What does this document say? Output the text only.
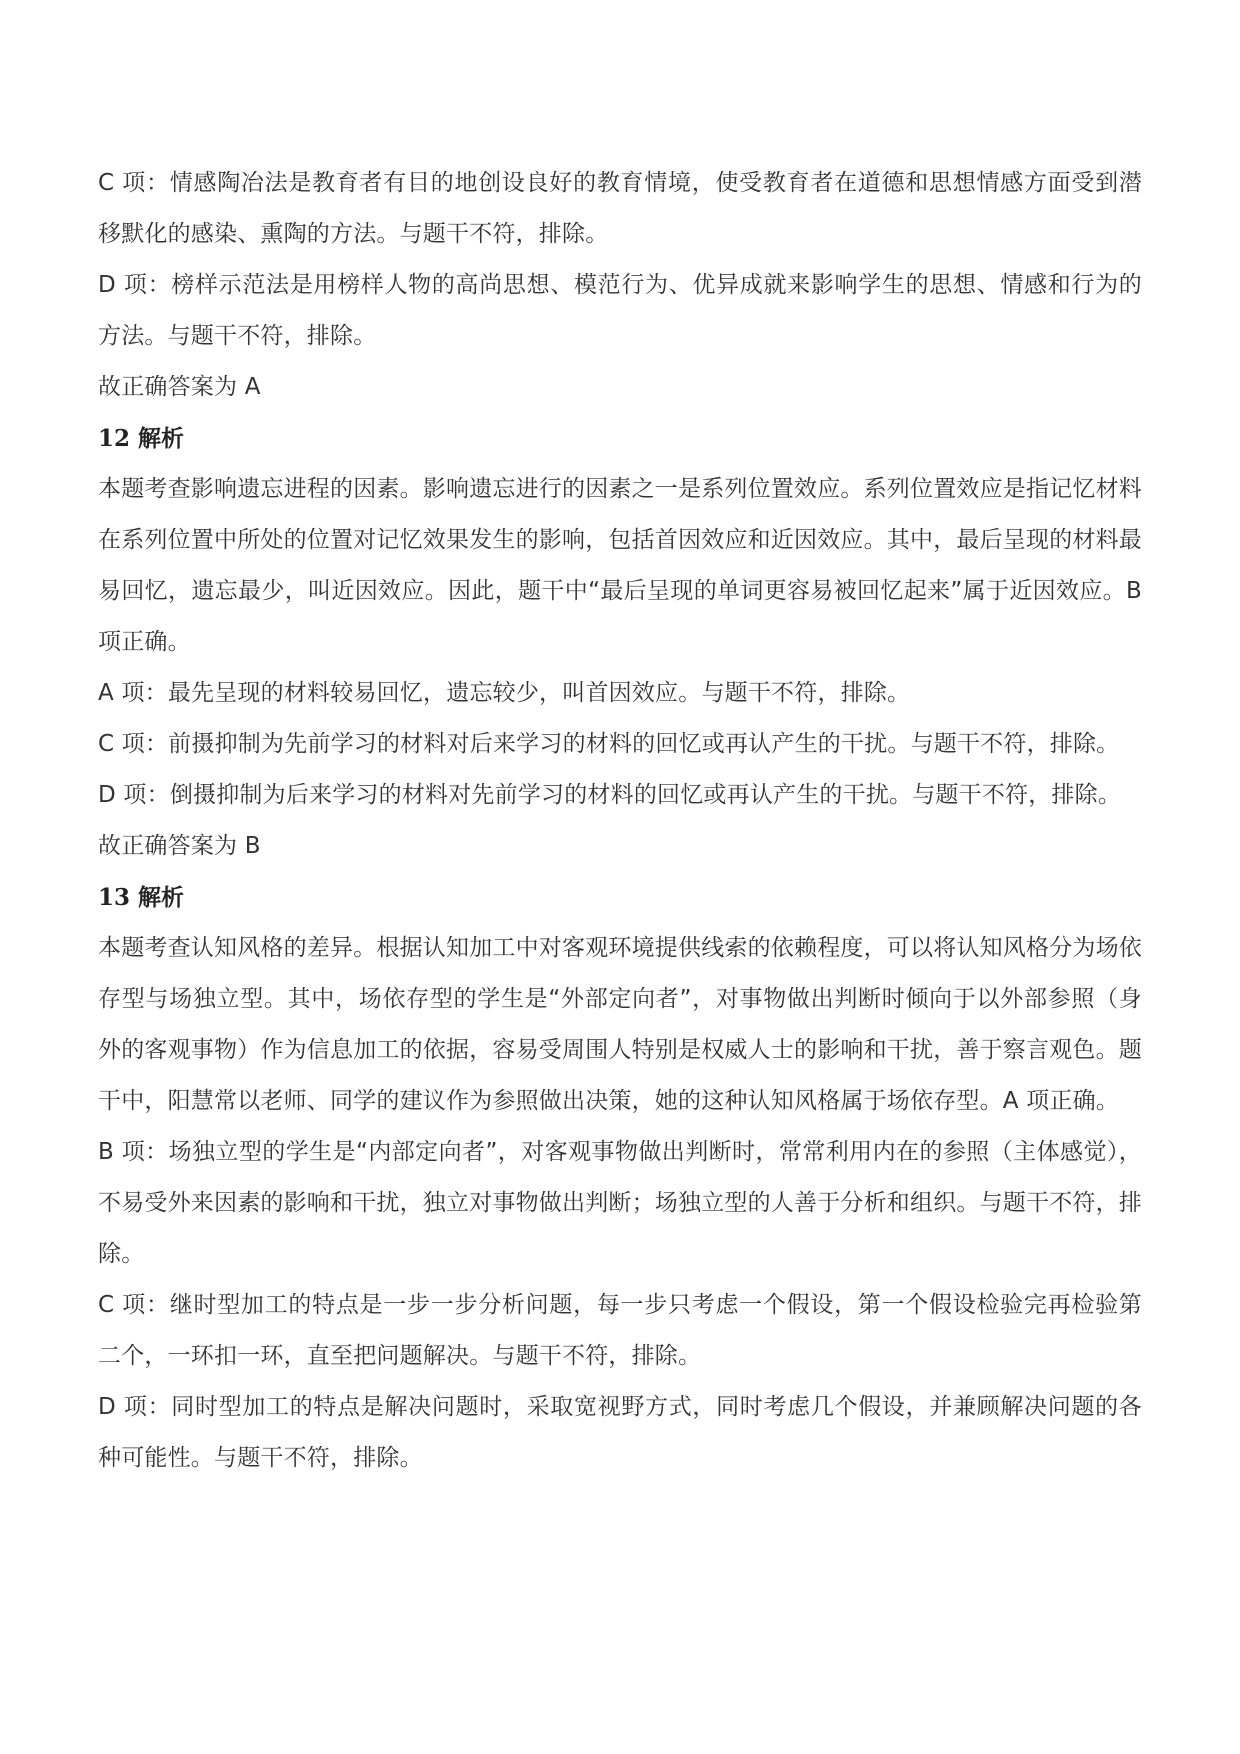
C 项：情感陶冶法是教育者有目的地创设良好的教育情境，使受教育者在道德和思想情感方面受到潜移默化的感染、熏陶的方法。与题干不符，排除。

D 项：榜样示范法是用榜样人物的高尚思想、模范行为、优异成就来影响学生的思想、情感和行为的方法。与题干不符，排除。

故正确答案为 A

12 解析

本题考查影响遗忘进程的因素。影响遗忘进行的因素之一是系列位置效应。系列位置效应是指记忆材料在系列位置中所处的位置对记忆效果发生的影响，包括首因效应和近因效应。其中，最后呈现的材料最易回忆，遗忘最少，叫近因效应。因此，题干中“最后呈现的单词更容易被回忆起来”属于近因效应。B 项正确。

A 项：最先呈现的材料较易回忆，遗忘较少，叫首因效应。与题干不符，排除。

C 项：前摄抑制为先前学习的材料对后来学习的材料的回忆或再认产生的干扰。与题干不符，排除。

D 项：倒摄抑制为后来学习的材料对先前学习的材料的回忆或再认产生的干扰。与题干不符，排除。

故正确答案为 B

13 解析

本题考查认知风格的差异。根据认知加工中对客观环境提供线索的依赖程度，可以将认知风格分为场依存型与场独立型。其中，场依存型的学生是“外部定向者”，对事物做出判断时倾向于以外部参照（身外的客观事物）作为信息加工的依据，容易受周围人特别是权威人士的影响和干扰，善于察言观色。题干中，阳慧常以老师、同学的建议作为参照做出决策，她的这种认知风格属于场依存型。A 项正确。

B 项：场独立型的学生是“内部定向者”，对客观事物做出判断时，常常利用内在的参照（主体感觉），不易受外来因素的影响和干扰，独立对事物做出判断；场独立型的人善于分析和组织。与题干不符，排除。

C 项：继时型加工的特点是一步一步分析问题，每一步只考虑一个假设，第一个假设检验完再检验第二个，一环扣一环，直至把问题解决。与题干不符，排除。

D 项：同时型加工的特点是解决问题时，采取宽视野方式，同时考虑几个假设，并兼顾解决问题的各种可能性。与题干不符，排除。
